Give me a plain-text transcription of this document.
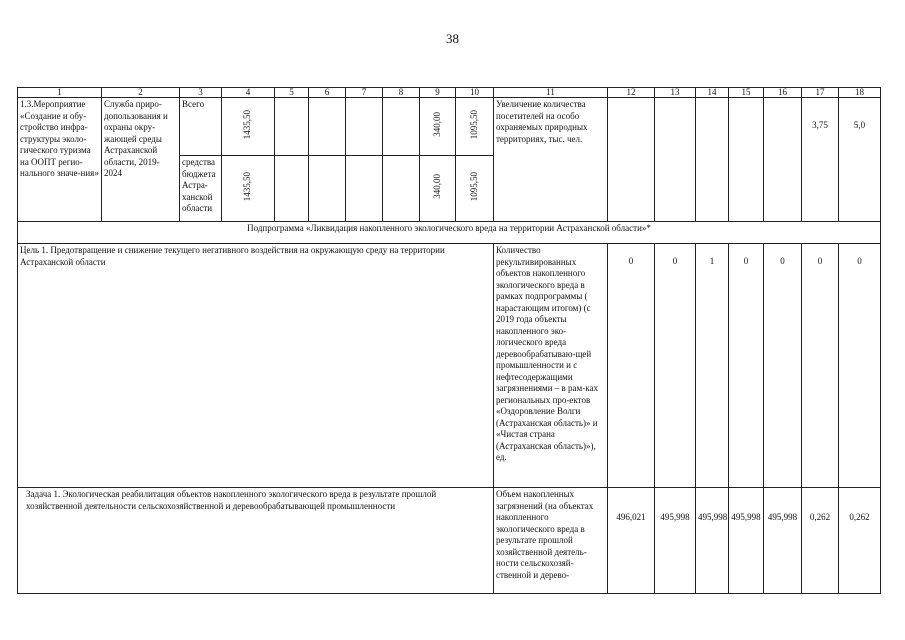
38
1	2	3	4	5	6	7	8	9	10	11	12	13	14	15	16	17	18
1.3.Мероприятие «Создание и обу-стройство инфра-структуры эколо-гического туризма на ООПТ регио-нального значе-ния»	Служба приро-допользования и охраны окру-жающей среды Астраханской области, 2019-2024	Всего	1435,50					340,00	1095,50	Увеличение количества посетителей на особо охраняемых природных территориях, тыс. чел.						3,75	5,0
		средства бюджета Астра-ханской области	1435,50					340,00	1095,50								
Подпрограмма «Ликвидация накопленного экологического вреда на территории Астраханской области»*																	
Цель 1. Предотвращение и снижение текущего негативного воздействия на окружающую среду на территории Астраханской области										Количество рекультивированных объектов накопленного экологического вреда в рамках подпрограммы ( нарастающим итогом) (с 2019 года объекты накопленного эко-логического вреда деревообрабатываю-щей промышленности и с нефтесодержащими загрязнениями – в рам-ках региональных про-ектов «Оздоровление Волги (Астраханская область)» и «Чистая страна (Астраханская область)»), ед.	0	0	1	0	0	0	0
Задача 1. Экологическая реабилитация объектов накопленного экологического вреда в результате прошлой хозяйственной деятельности сельскохозяйственной и деревообрабатывающей промышленности										Объем накопленных загрязнений (на объектах накопленного экологического вреда в результате прошлой хозяйственной деятель-ности сельскохозяй-ственной и дерево-	496,021	495,998	495,998	495,998	495,998	0,262	0,262
